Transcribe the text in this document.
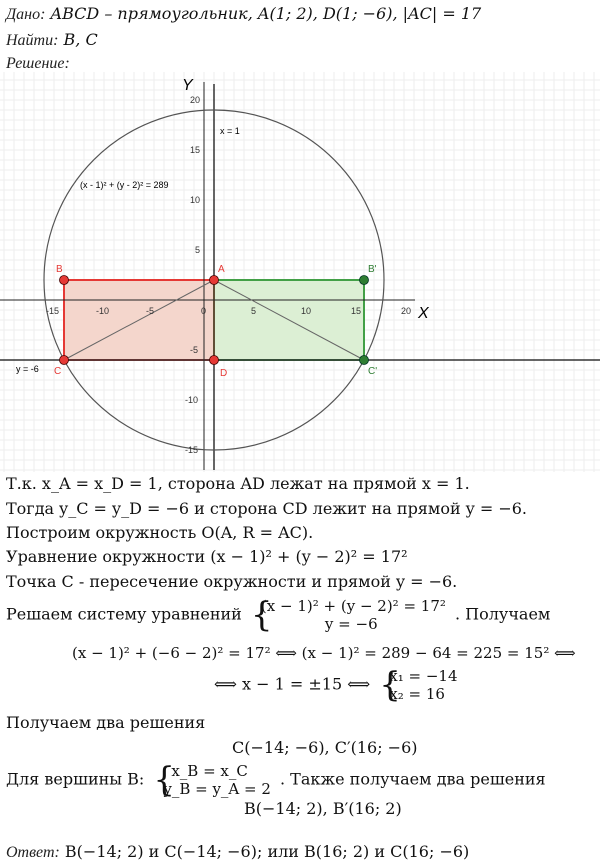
Дано: ABCD – прямоугольник, A(1; 2), D(1; −6), |AC| = 17
Найти: B, C
Решение:
-15	-10	-5	0	5	10	15	20
20
15
10
5
-5
-10
-15
X
Y
x = 1
y = -6
(x - 1)² + (y - 2)² = 289
A
B
C	D
B'
C'
Т.к. x_A = x_D = 1, сторона AD лежат на прямой x = 1.
Тогда y_C = y_D = −6 и сторона CD лежит на прямой y = −6.
Построим окружность O(A, R = AC).
Уравнение окружности (x − 1)² + (y − 2)² = 17²
Точка C - пересечение окружности и прямой y = −6.
Решаем систему уравнений {
(x − 1)² + (y − 2)² = 17²
y = −6
. Получаем
(x − 1)² + (−6 − 2)² = 17² ⟺ (x − 1)² = 289 − 64 = 225 = 15² ⟺
⟺ x − 1 = ±15 ⟺ {
x₁ = −14
x₂ = 16
Получаем два решения
C(−14; −6), C′(16; −6)
Для вершины B: {
x_B = x_C
y_B = y_A = 2
. Также получаем два решения
B(−14; 2), B′(16; 2)
Ответ: B(−14; 2) и C(−14; −6); или B(16; 2) и C(16; −6)
